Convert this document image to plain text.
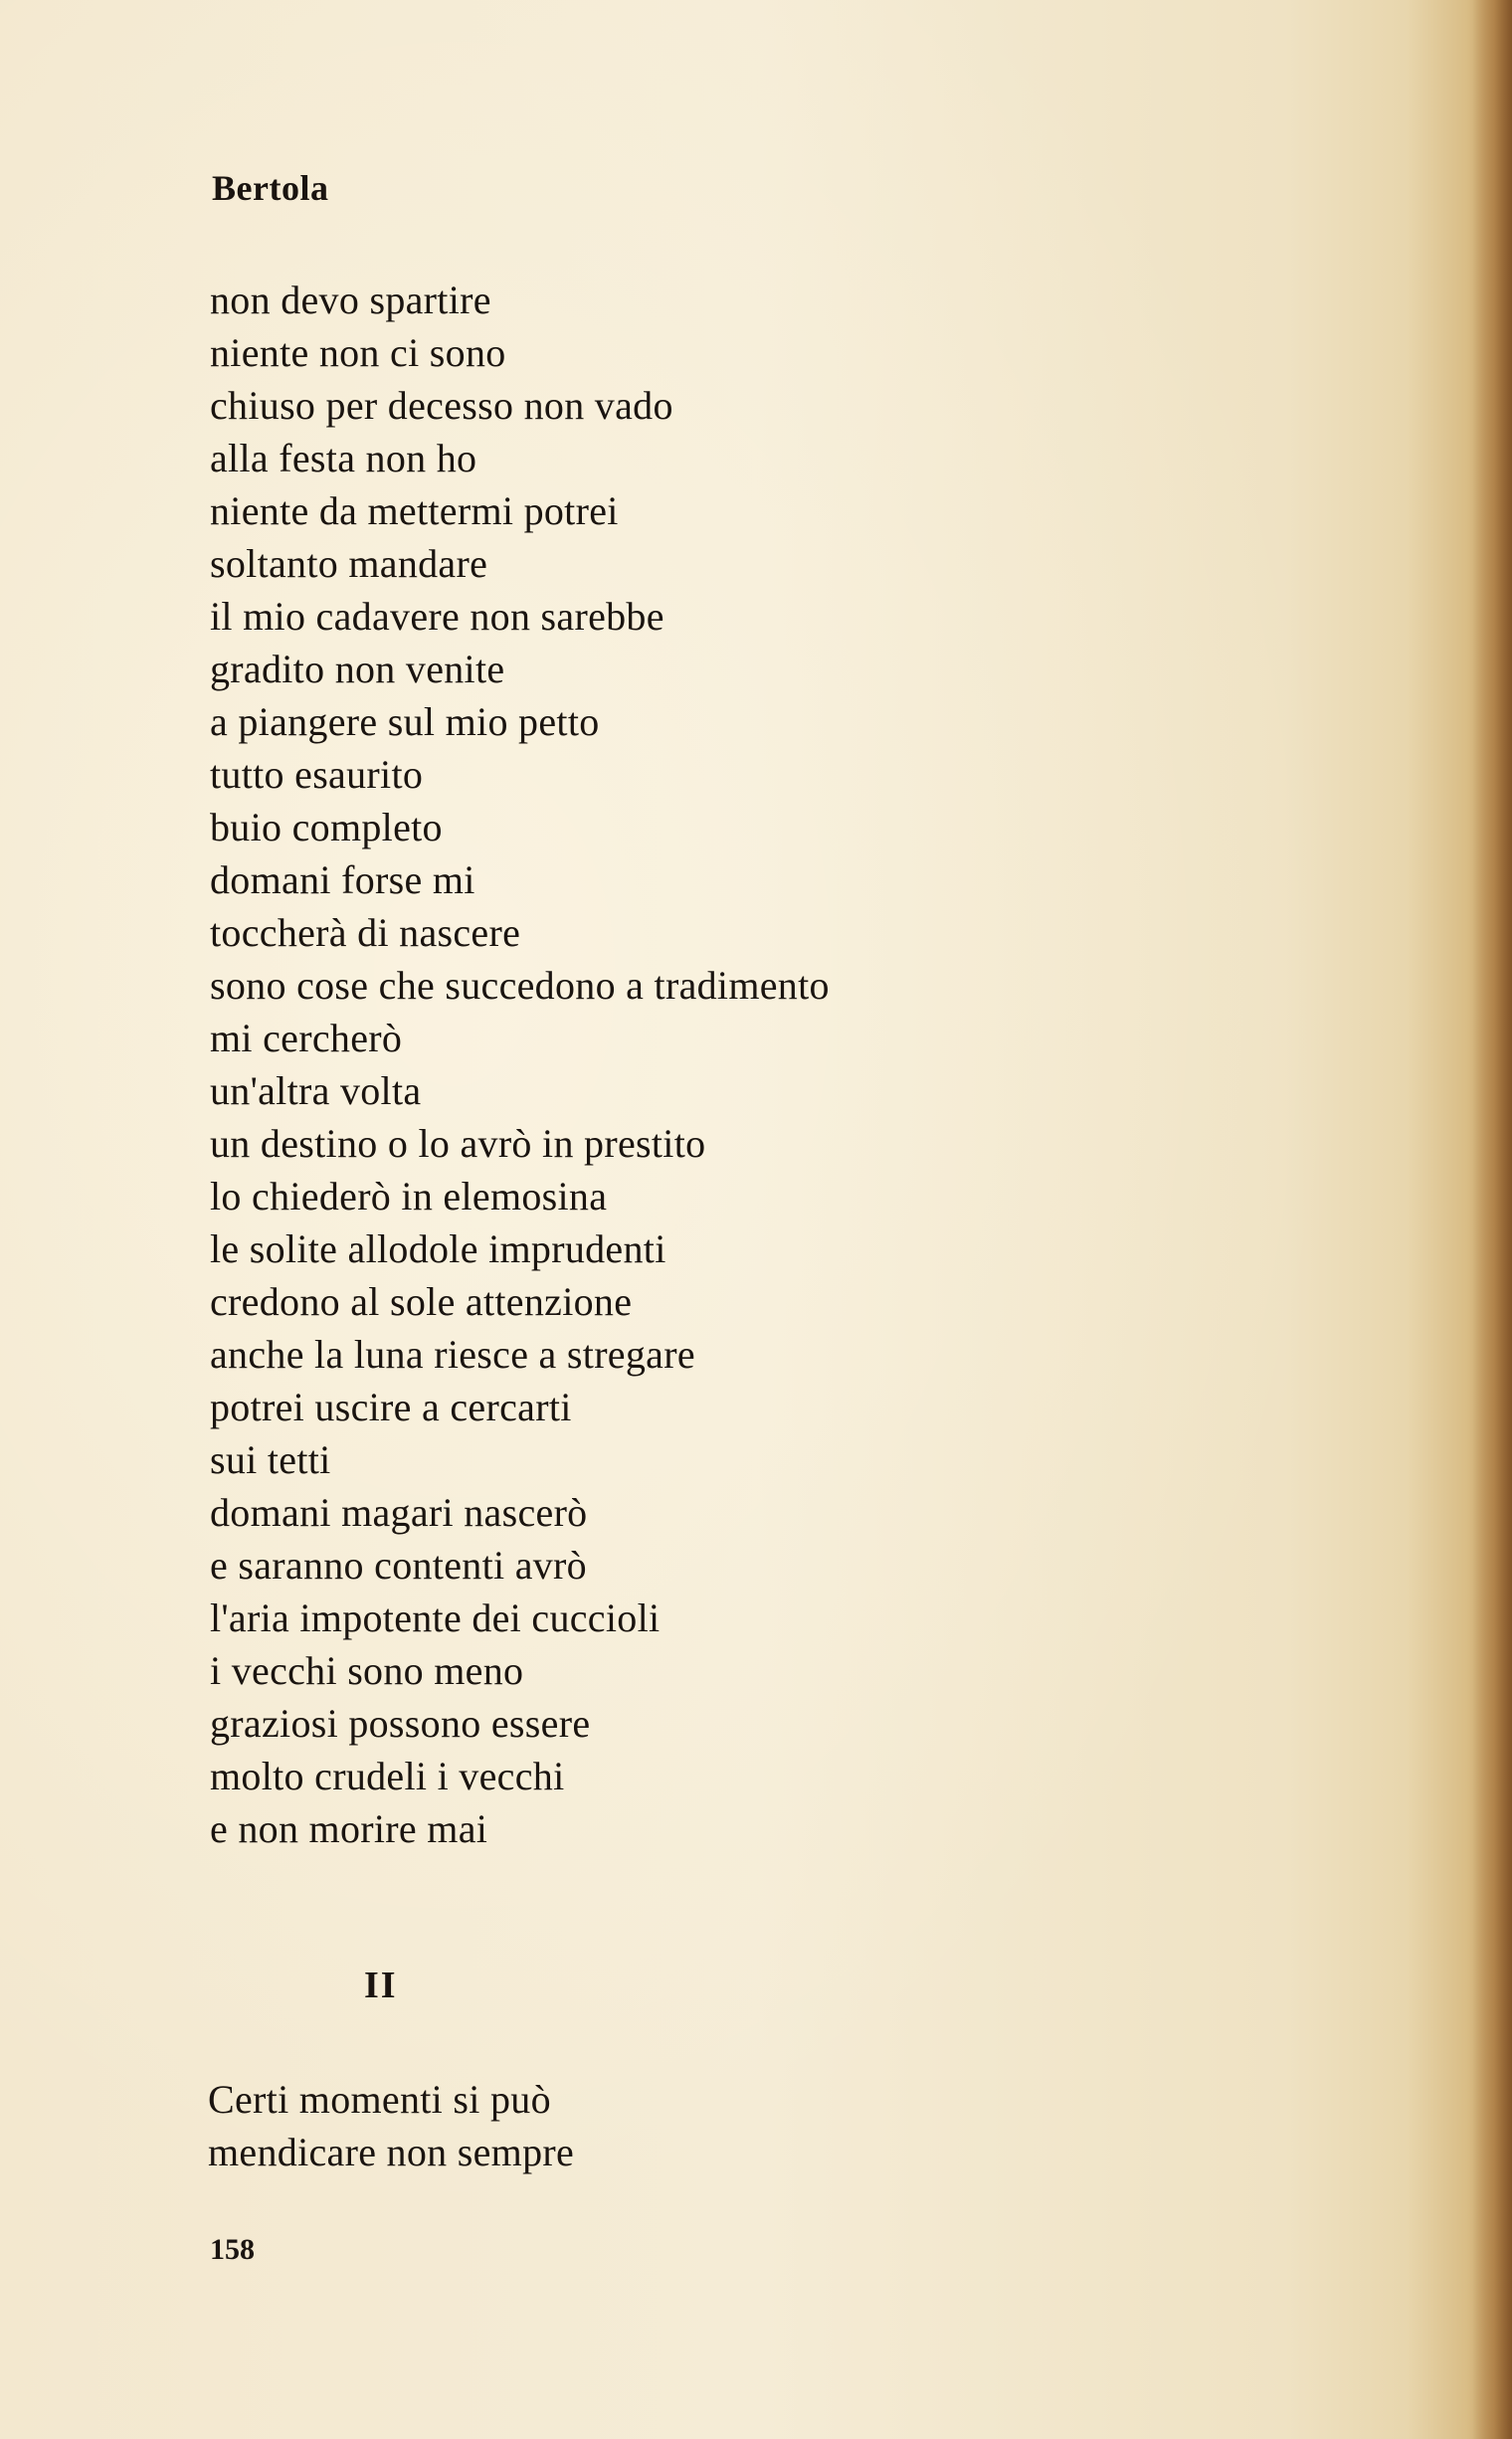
Bertola
non devo spartire
niente non ci sono
chiuso per decesso non vado
alla festa non ho
niente da mettermi potrei
soltanto mandare
il mio cadavere non sarebbe
gradito non venite
a piangere sul mio petto
tutto esaurito
buio completo
domani forse mi
toccherà di nascere
sono cose che succedono a tradimento
mi cercherò
un'altra volta
un destino o lo avrò in prestito
lo chiederò in elemosina
le solite allodole imprudenti
credono al sole attenzione
anche la luna riesce a stregare
potrei uscire a cercarti
sui tetti
domani magari nascerò
e saranno contenti avrò
l'aria impotente dei cuccioli
i vecchi sono meno
graziosi possono essere
molto crudeli i vecchi
e non morire mai
II
Certi momenti si può
mendicare non sempre
158
